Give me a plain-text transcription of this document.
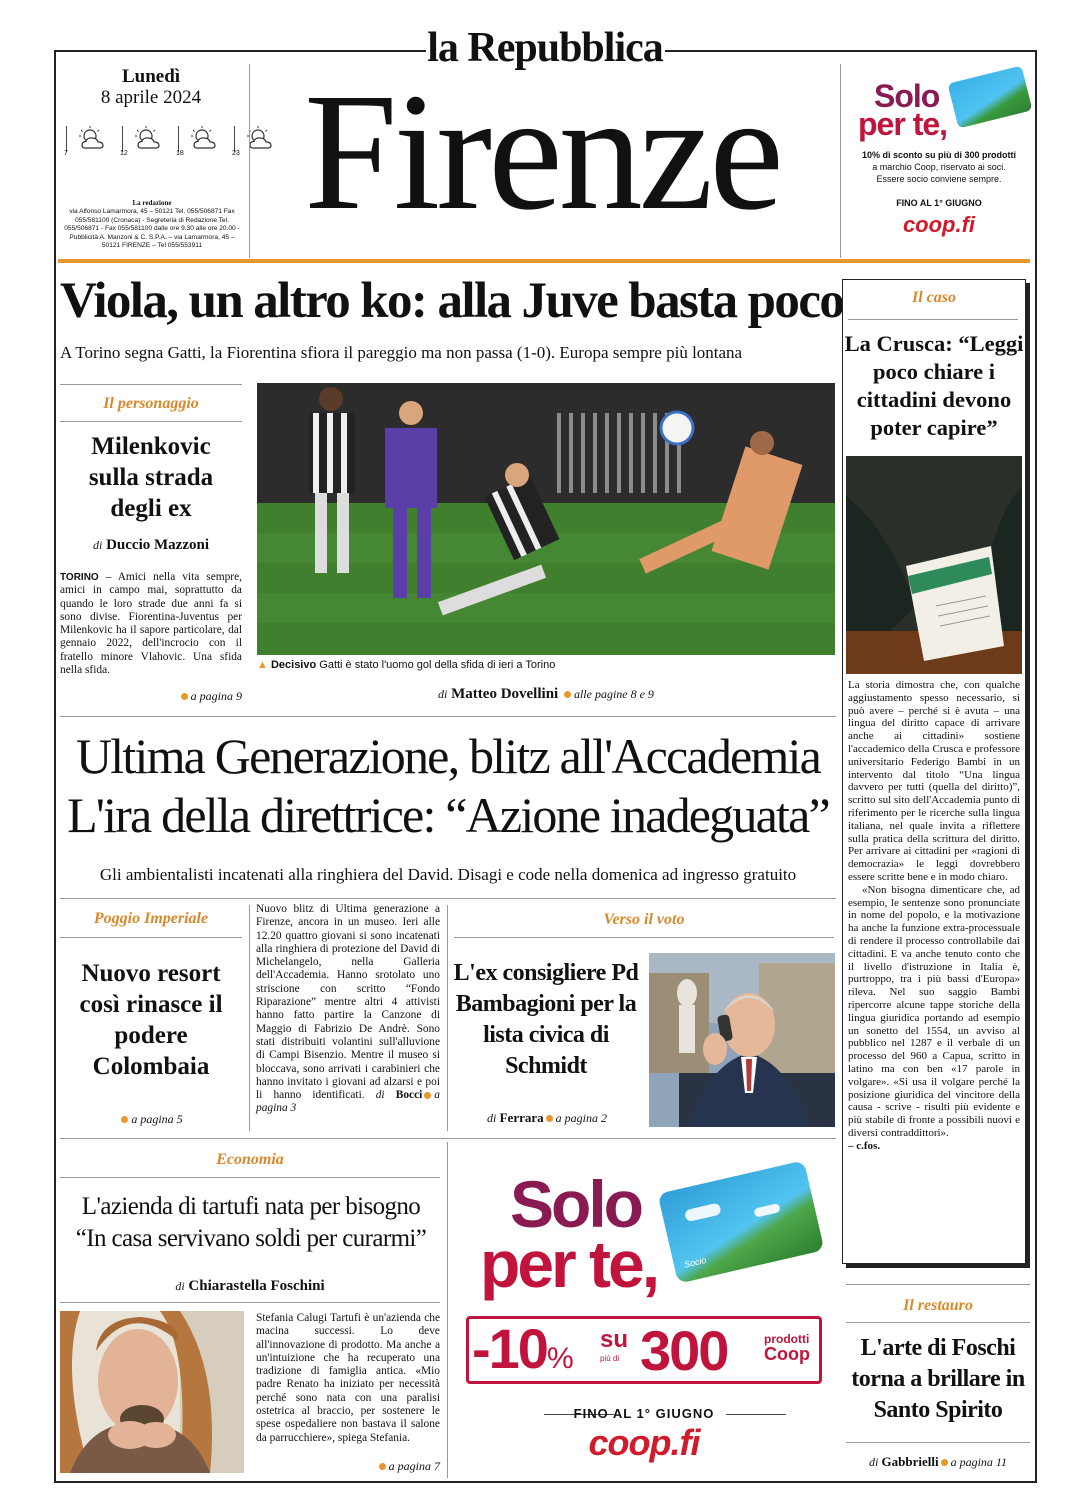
la Repubblica
Lunedì
8 aprile 2024
7	12	18	23
La redazione
via Alfonso Lamarmora, 45 – 50121 Tel. 055/506871 Fax 055/581100 (Cronaca) - Segreteria di Redazione Tel. 055/506871 - Fax 055/581100 dalle ore 9.30 alle ore 20.00 - Pubblicità A. Manzoni & C. S.P.A. – via Lamarmora, 45 – 50121 FIRENZE – Tel 055/553911
Firenze	Solo
per te,
10% di sconto su più di 300 prodotti
a marchio Coop, riservato ai soci.
Essere socio conviene sempre.
FINO AL 1° GIUGNO
coop.fi
Viola, un altro ko: alla Juve basta poco
A Torino segna Gatti, la Fiorentina sfiora il pareggio ma non passa (1-0). Europa sempre più lontana
Il personaggio
Milenkovic sulla strada degli ex
di Duccio Mazzoni
TORINO – Amici nella vita sempre, amici in campo mai, soprattutto da quando le loro strade due anni fa si sono divise. Fiorentina-Juventus per Milenkovic ha il sapore particolare, dal gennaio 2022, dell'incrocio con il fratello minore Vlahovic. Una sfida nella sfida.
a pagina 9
▲ Decisivo Gatti è stato l'uomo gol della sfida di ieri a Torino
di Matteo Dovellini alle pagine 8 e 9
Il caso
La Crusca: “Leggi poco chiare i cittadini devono poter capire”

La storia dimostra che, con qualche aggiustamento spesso necessario, si può avere – perché si è avuta – una lingua del diritto capace di arrivare anche ai cittadini» sostiene l'accademico della Crusca e professore universitario Federigo Bambi in un intervento dal titolo “Una lingua davvero per tutti (quella del diritto)”, scritto sul sito dell'Accademia punto di riferimento per le ricerche sulla lingua italiana, nel quale invita a riflettere sulla pratica della scrittura del diritto. Per arrivare ai cittadini per «ragioni di democrazia» le leggi dovrebbero essere scritte bene e in modo chiaro.

«Non bisogna dimenticare che, ad esempio, le sentenze sono pronunciate in nome del popolo, e la motivazione ha anche la funzione extra-processuale di rendere il processo controllabile dai cittadini. E va anche tenuto conto che il livello d'istruzione in Italia è, purtroppo, tra i più bassi d'Europa» rileva. Nel suo saggio Bambi ripercorre alcune tappe storiche della lingua giuridica portando ad esempio un sonetto del 1554, un avviso al pubblico nel 1287 e il verbale di un processo del 960 a Capua, scritto in latino ma con ben «17 parole in volgare». «Si usa il volgare perché la posizione giuridica del vincitore della causa - scrive - risulti più evidente e più stabile di fronte a possibili nuovi e diversi contraddittori».

– c.fos.

Ultima Generazione, blitz all'Accademia
L'ira della direttrice: “Azione inadeguata”
Gli ambientalisti incatenati alla ringhiera del David. Disagi e code nella domenica ad ingresso gratuito
Poggio Imperiale
Nuovo resort così rinasce il podere Colombaia
a pagina 5
Nuovo blitz di Ultima generazione a Firenze, ancora in un museo. Ieri alle 12.20 quattro giovani si sono incatenati alla ringhiera di protezione del David di Michelangelo, nella Galleria dell'Accademia. Hanno srotolato uno striscione con scritto “Fondo Riparazione” mentre altri 4 attivisti hanno fatto partire la Canzone di Maggio di Fabrizio De Andrè. Sono stati distribuiti volantini sull'alluvione di Campi Bisenzio. Mentre il museo si bloccava, sono arrivati i carabinieri che hanno invitato i giovani ad alzarsi e poi li hanno identificati. di Bocci a pagina 3
Verso il voto
L'ex consigliere Pd Bambagioni per la lista civica di Schmidt
di Ferrara a pagina 2
Economia
L'azienda di tartufi nata per bisogno
“In casa servivano soldi per curarmi”
di Chiarastella Foschini
Stefania Calugi Tartufi è un'azienda che macina successi. Lo deve all'innovazione di prodotto. Ma anche a un'intuizione che ha recuperato una tradizione di famiglia antica. «Mio padre Renato ha iniziato per necessità perché sono nata con una paralisi ostetrica al braccio, per sostenere le spese ospedaliere non bastava il salone da parrucchiere», spiega Stefania.
a pagina 7
Solo
per te,	Socio
-10%
su
più di 300	prodotti
Coop
FINO AL 1° GIUGNO
coop.fi
Il restauro
L'arte di Foschi torna a brillare in Santo Spirito
di Gabbrielli a pagina 11
